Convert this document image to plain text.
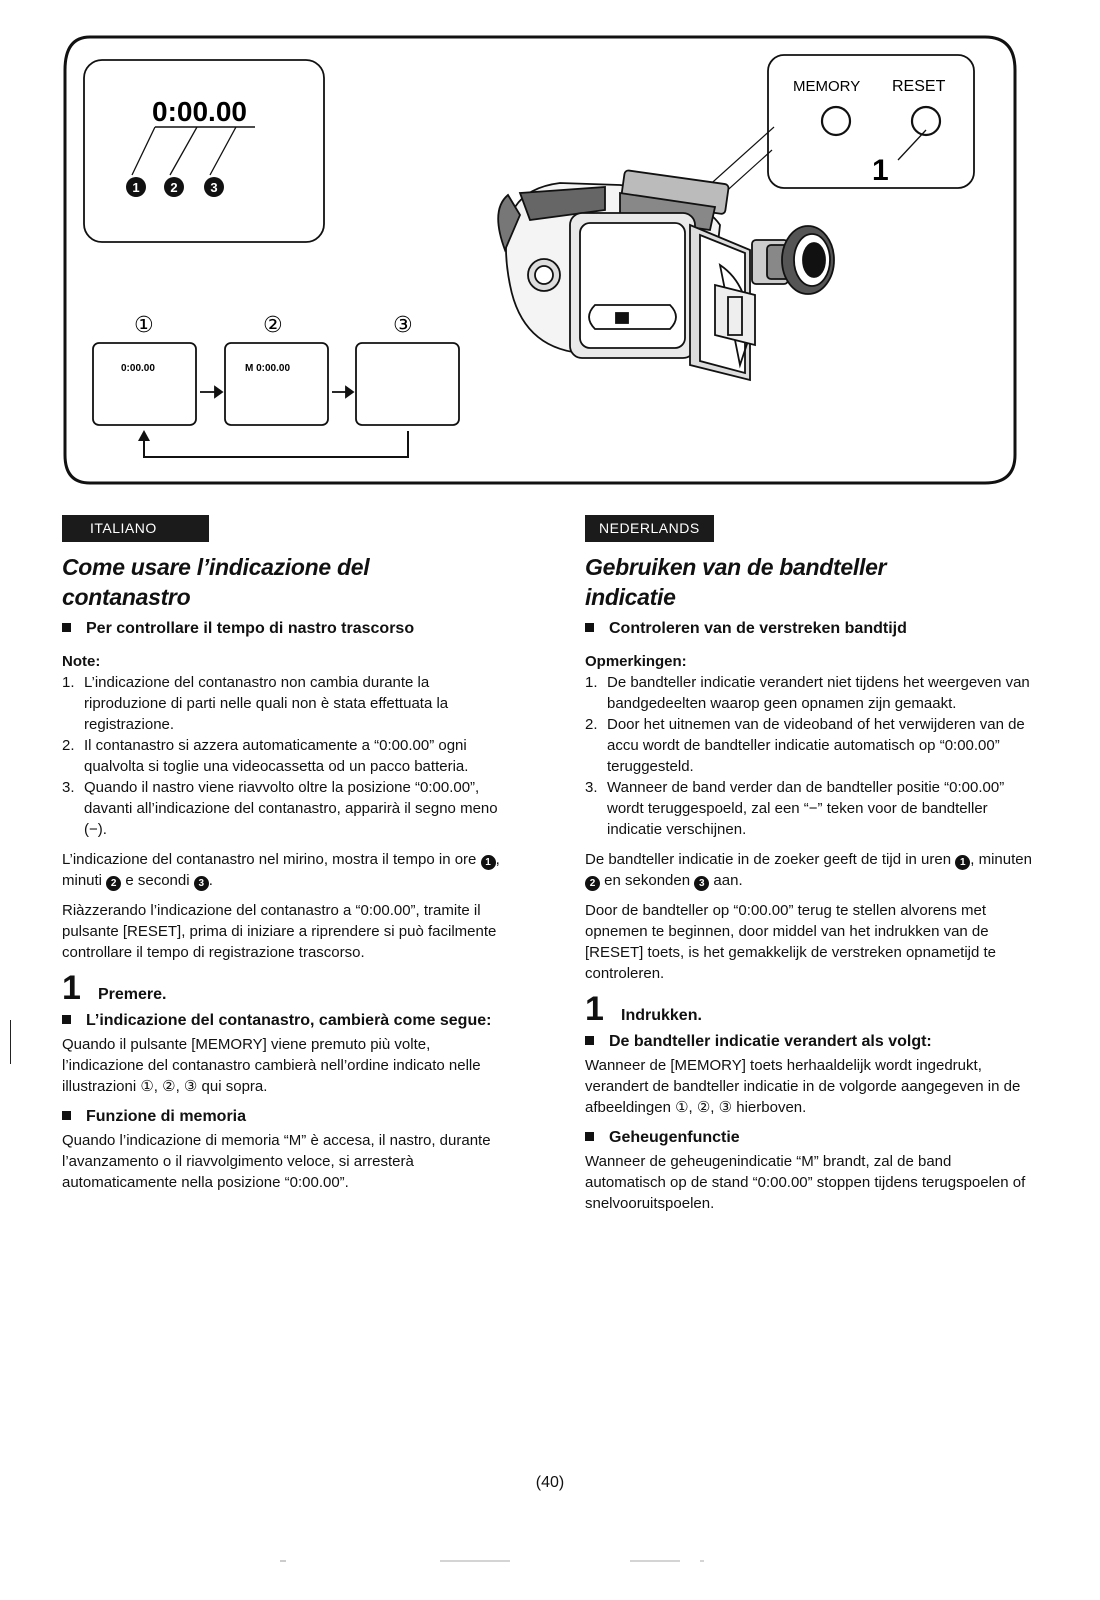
0:00.00
1 2	3
MEMORY RESET
1
①	②	③
0:00.00	M 0:00.00
ITALIANO
Come usare l’indicazione del
contanastro
Per controllare il tempo di nastro trascorso
Note:
1. L’indicazione del contanastro non cambia durante la riproduzione di parti nelle quali non è stata effettuata la registrazione.
2. Il contanastro si azzera automaticamente a “0:00.00” ogni qualvolta si toglie una videocassetta od un pacco batteria.
3. Quando il nastro viene riavvolto oltre la posizione “0:00.00”, davanti all’indicazione del contanastro, apparirà il segno meno (−).

L’indicazione del contanastro nel mirino, mostra il tempo in ore 1 , minuti 2 e secondi 3 .

Riàzzerando l’indicazione del contanastro a “0:00.00”, tramite il pulsante [RESET], prima di iniziare a riprendere si può facilmente controllare il tempo di registrazione trascorso.

1	Premere.
L’indicazione del contanastro, cambierà come segue:

Quando il pulsante [MEMORY] viene premuto più volte, l’indicazione del contanastro cambierà nell’ordine indicato nelle illustrazioni ①, ②, ③ qui sopra.

Funzione di memoria

Quando l’indicazione di memoria “M” è accesa, il nastro, durante l’avanzamento o il riavvolgimento veloce, si arresterà automaticamente nella posizione “0:00.00”.

NEDERLANDS
Gebruiken van de bandteller
indicatie
Controleren van de verstreken bandtijd
Opmerkingen:
1. De bandteller indicatie verandert niet tijdens het weergeven van bandgedeelten waarop geen opnamen zijn gemaakt.
2. Door het uitnemen van de videoband of het verwijderen van de accu wordt de bandteller indicatie automatisch op “0:00.00” teruggesteld.
3. Wanneer de band verder dan de bandteller positie “0:00.00” wordt teruggespoeld, zal een “−” teken voor de bandteller indicatie verschijnen.

De bandteller indicatie in de zoeker geeft de tijd in uren 1 , minuten 2 en sekonden 3 aan.

Door de bandteller op “0:00.00” terug te stellen alvorens met opnemen te beginnen, door middel van het indrukken van de [RESET] toets, is het gemakkelijk de verstreken opnametijd te controleren.

1	Indrukken.
De bandteller indicatie verandert als volgt:

Wanneer de [MEMORY] toets herhaaldelijk wordt ingedrukt, verandert de bandteller indicatie in de volgorde aangegeven in de afbeeldingen ①, ②, ③ hierboven.

Geheugenfunctie

Wanneer de geheugenindicatie “M” brandt, zal de band automatisch op de stand “0:00.00” stoppen tijdens terugspoelen of snelvooruitspoelen.

(40)
